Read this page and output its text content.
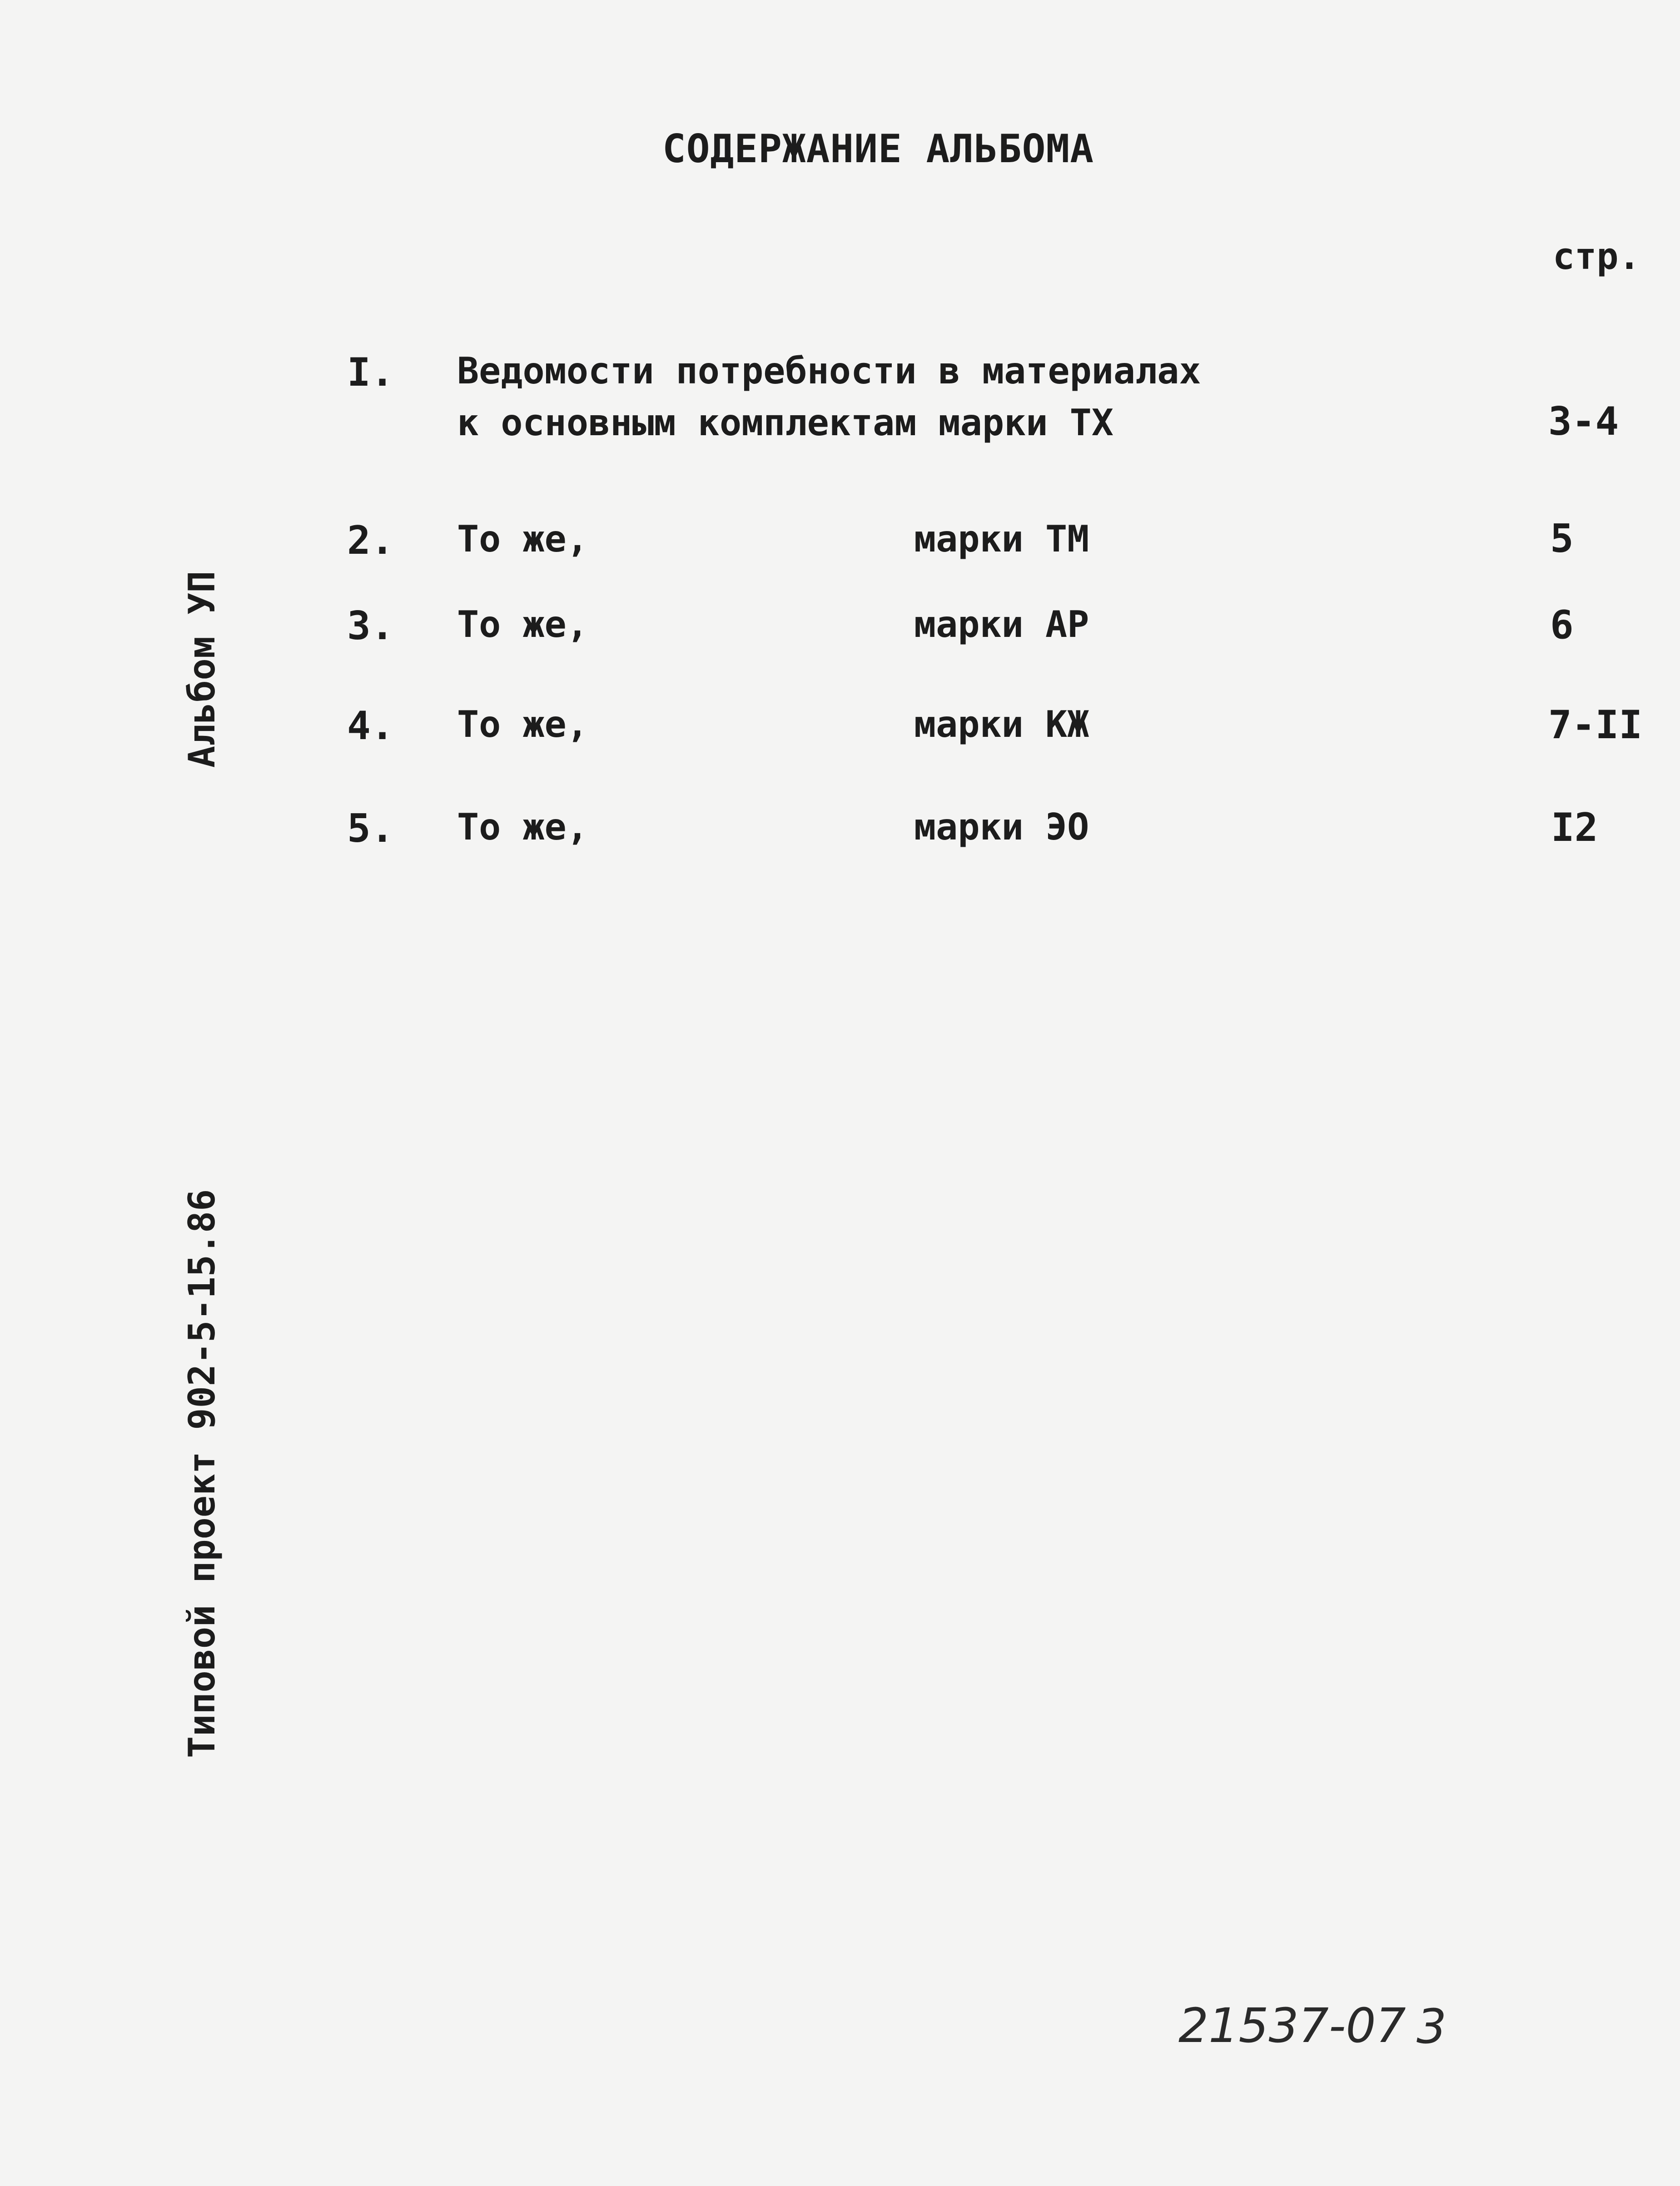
СОДЕРЖАНИЕ АЛЬБОМА
стр.
I. Ведомости потребности в материалах
к основным комплектам марки ТХ	3-4
2. То же,	марки ТМ	5
3. То же,	марки АР	6
4. То же,	марки КЖ	7-II
5. То же,	марки ЭО	I2
Альбом УП
Типовой проект 902-5-15.86
21537-07 3
